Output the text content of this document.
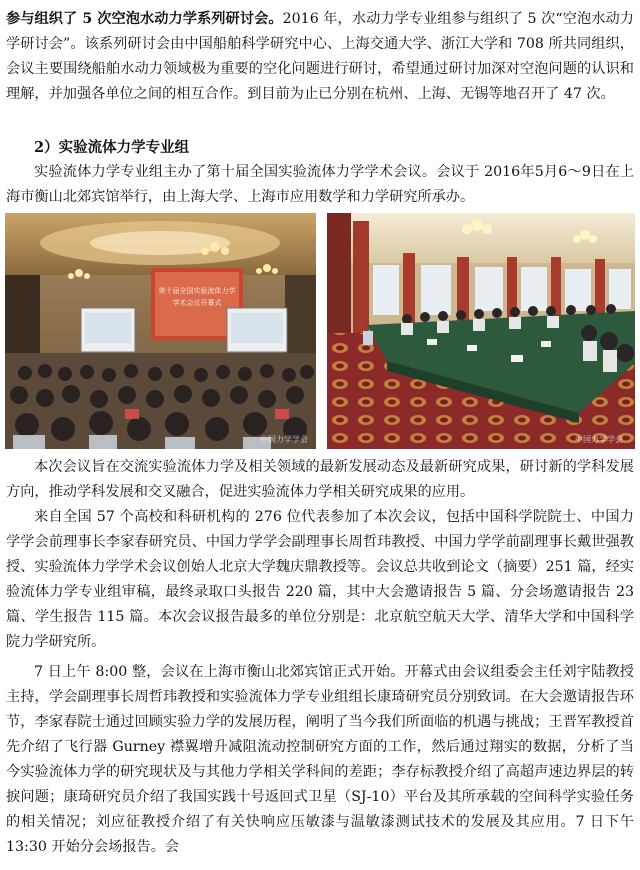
参与组织了 5 次空泡水动力学系列研讨会。2016 年，水动力学专业组参与组织了 5 次“空泡水动力学研讨会”。该系列研讨会由中国船舶科学研究中心、上海交通大学、浙江大学和 708 所共同组织，会议主要围绕船舶水动力领域极为重要的空化问题进行研讨，希望通过研讨加深对空泡问题的认识和理解，并加强各单位之间的相互合作。到目前为止已分别在杭州、上海、无锡等地召开了 47 次。

2）实验流体力学专业组

实验流体力学专业组主办了第十届全国实验流体力学学术会议。会议于 2016年5月6～9日在上海市衡山北郊宾馆举行，由上海大学、上海市应用数学和力学研究所承办。

第十届全国实验流体力学
学术会议开幕式
中国力学学会	中国力学学会

本次会议旨在交流实验流体力学及相关领域的最新发展动态及最新研究成果，研讨新的学科发展方向，推动学科发展和交叉融合，促进实验流体力学相关研究成果的应用。

来自全国 57 个高校和科研机构的 276 位代表参加了本次会议，包括中国科学院院士、中国力学学会前理事长李家春研究员、中国力学学会副理事长周哲玮教授、中国力学学前副理事长戴世强教授、实验流体力学学术会议创始人北京大学魏庆鼎教授等。会议总共收到论文（摘要）251 篇，经实验流体力学专业组审稿，最终录取口头报告 220 篇，其中大会邀请报告 5 篇、分会场邀请报告 23 篇、学生报告 115 篇。本次会议报告最多的单位分别是：北京航空航天大学、清华大学和中国科学院力学研究所。

7 日上午 8:00 整，会议在上海市衡山北郊宾馆正式开始。开幕式由会议组委会主任刘宇陆教授主持，学会副理事长周哲玮教授和实验流体力学专业组组长康琦研究员分别致词。在大会邀请报告环节，李家春院士通过回顾实验力学的发展历程，阐明了当今我们所面临的机遇与挑战；王晋军教授首先介绍了飞行器 Gurney 襟翼增升减阻流动控制研究方面的工作，然后通过翔实的数据，分析了当今实验流体力学的研究现状及与其他力学相关学科间的差距；李存标教授介绍了高超声速边界层的转捩问题；康琦研究员介绍了我国实践十号返回式卫星（SJ-10）平台及其所承载的空间科学实验任务的相关情况；刘应征教授介绍了有关快响应压敏漆与温敏漆测试技术的发展及其应用。7 日下午 13:30 开始分会场报告。会
